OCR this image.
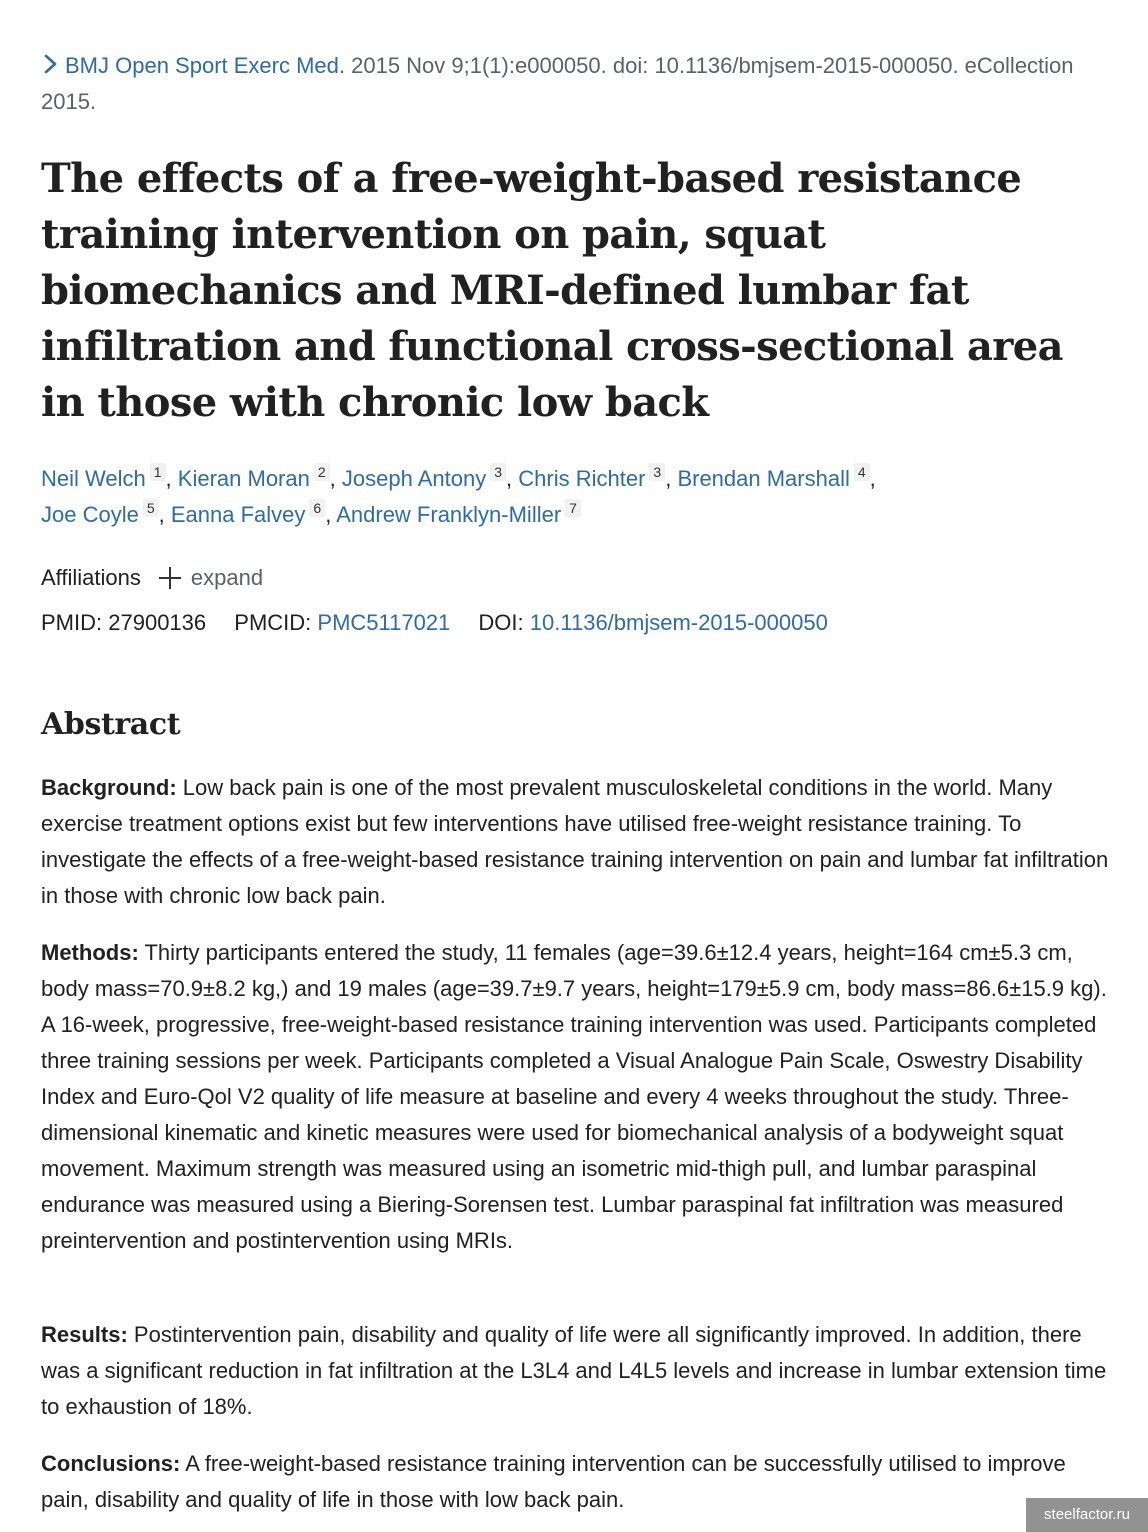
BMJ Open Sport Exerc Med. 2015 Nov 9;1(1):e000050. doi: 10.1136/bmjsem-2015-000050. eCollection 2015.
The effects of a free-weight-based resistance training intervention on pain, squat biomechanics and MRI-defined lumbar fat infiltration and functional cross-sectional area in those with chronic low back
Neil Welch 1 , Kieran Moran 2 , Joseph Antony 3 , Chris Richter 3 , Brendan Marshall 4 ,
Joe Coyle 5 , Eanna Falvey 6 , Andrew Franklyn-Miller 7
Affiliations expand
PMID: 27900136 PMCID: PMC5117021 DOI: 10.1136/bmjsem-2015-000050
Abstract

Background: Low back pain is one of the most prevalent musculoskeletal conditions in the world. Many exercise treatment options exist but few interventions have utilised free-weight resistance training. To investigate the effects of a free-weight-based resistance training intervention on pain and lumbar fat infiltration in those with chronic low back pain.

Methods: Thirty participants entered the study, 11 females (age=39.6±12.4 years, height=164 cm±5.3 cm, body mass=70.9±8.2 kg,) and 19 males (age=39.7±9.7 years, height=179±5.9 cm, body mass=86.6±15.9 kg). A 16-week, progressive, free-weight-based resistance training intervention was used. Participants completed three training sessions per week. Participants completed a Visual Analogue Pain Scale, Oswestry Disability Index and Euro-Qol V2 quality of life measure at baseline and every 4 weeks throughout the study. Three-dimensional kinematic and kinetic measures were used for biomechanical analysis of a bodyweight squat movement. Maximum strength was measured using an isometric mid-thigh pull, and lumbar paraspinal endurance was measured using a Biering-Sorensen test. Lumbar paraspinal fat infiltration was measured preintervention and postintervention using MRIs.

Results: Postintervention pain, disability and quality of life were all significantly improved. In addition, there was a significant reduction in fat infiltration at the L3L4 and L4L5 levels and increase in lumbar extension time to exhaustion of 18%.

Conclusions: A free-weight-based resistance training intervention can be successfully utilised to improve pain, disability and quality of life in those with low back pain.

steelfactor.ru
